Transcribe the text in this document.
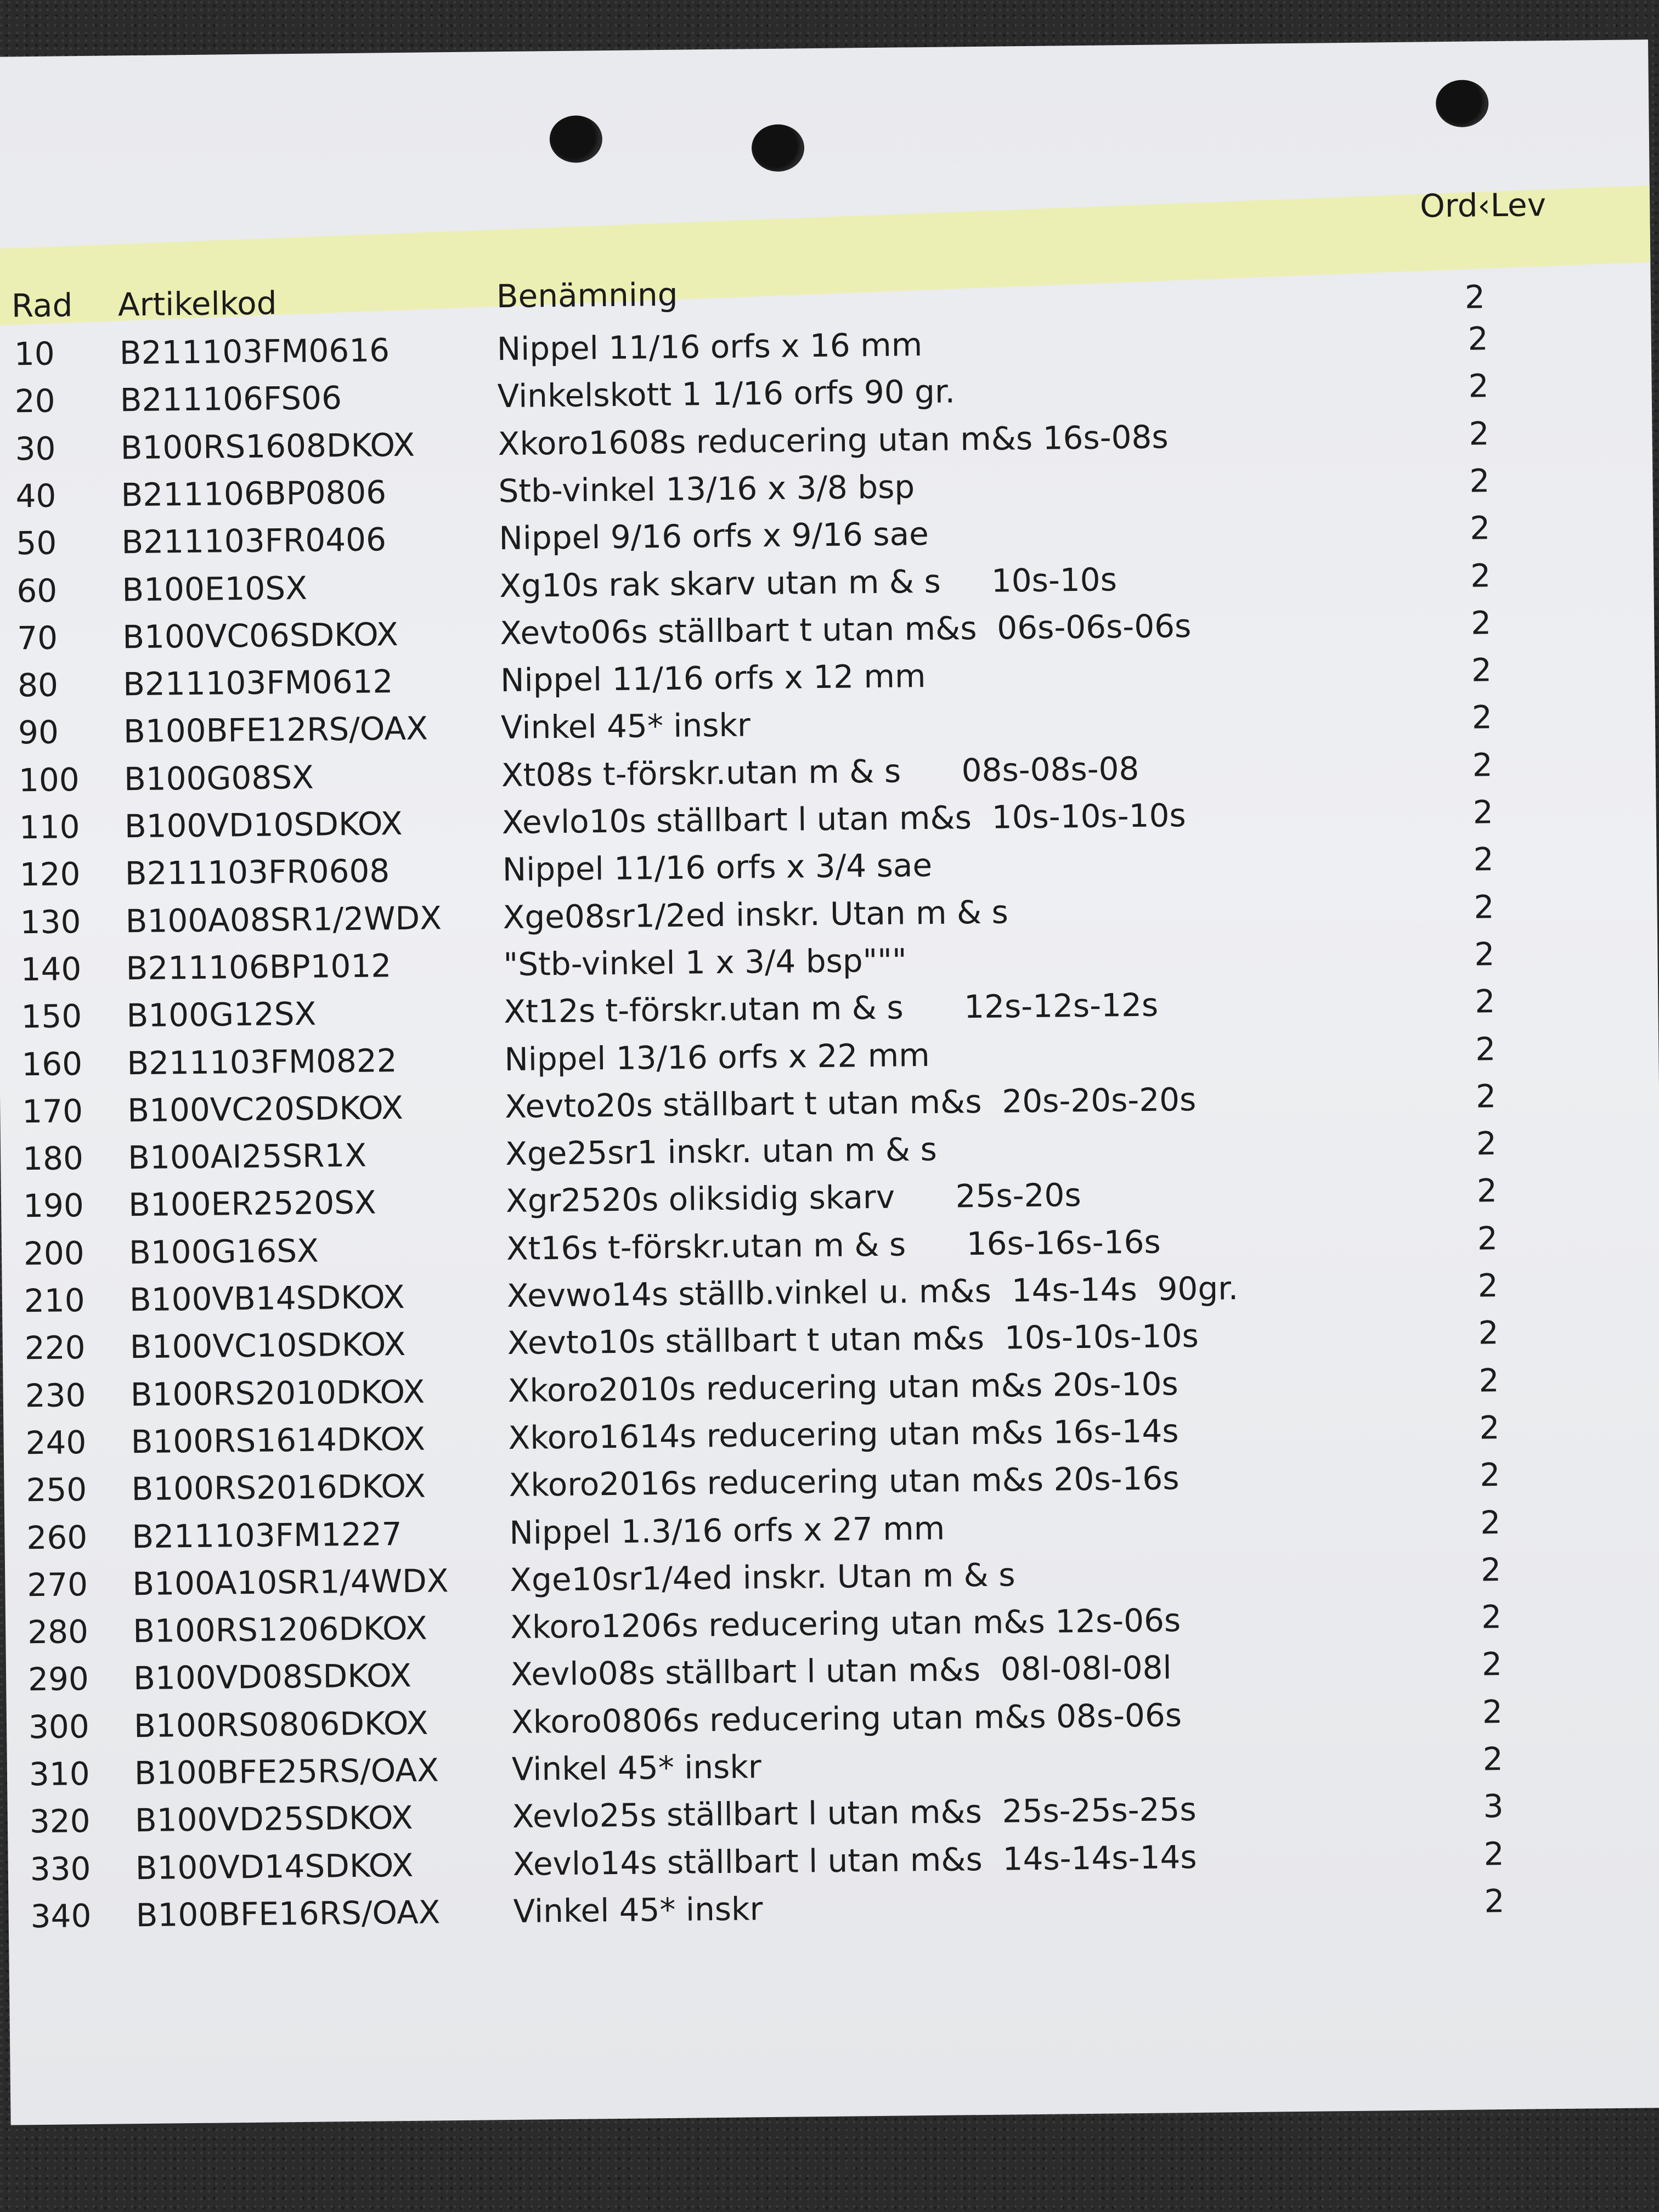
Ord‹Lev
Rad Artikelkod	Benämning	2
10 B211103FM0616	Nippel 11/16 orfs x 16 mm	2
20 B211106FS06	Vinkelskott 1 1/16 orfs 90 gr.	2
30 B100RS1608DKOX	Xkoro1608s reducering utan m&s 16s-08s	2
40 B211106BP0806	Stb-vinkel 13/16 x 3/8 bsp	2
50 B211103FR0406	Nippel 9/16 orfs x 9/16 sae	2
60 B100E10SX	Xg10s rak skarv utan m & s     10s-10s	2
70 B100VC06SDKOX	Xevto06s ställbart t utan m&s  06s-06s-06s	2
80 B211103FM0612	Nippel 11/16 orfs x 12 mm	2
90 B100BFE12RS/OAX Vinkel 45* inskr	2
100 B100G08SX	Xt08s t-förskr.utan m & s      08s-08s-08	2
110 B100VD10SDKOX	Xevlo10s ställbart l utan m&s  10s-10s-10s	2
120 B211103FR0608	Nippel 11/16 orfs x 3/4 sae	2
130 B100A08SR1/2WDX Xge08sr1/2ed inskr. Utan m & s	2
140 B211106BP1012	"Stb-vinkel 1 x 3/4 bsp"""	2
150 B100G12SX	Xt12s t-förskr.utan m & s      12s-12s-12s	2
160 B211103FM0822	Nippel 13/16 orfs x 22 mm	2
170 B100VC20SDKOX	Xevto20s ställbart t utan m&s  20s-20s-20s	2
180 B100AI25SR1X	Xge25sr1 inskr. utan m & s	2
190 B100ER2520SX	Xgr2520s oliksidig skarv      25s-20s	2
200 B100G16SX	Xt16s t-förskr.utan m & s      16s-16s-16s	2
210 B100VB14SDKOX	Xevwo14s ställb.vinkel u. m&s  14s-14s  90gr.	2
220 B100VC10SDKOX	Xevto10s ställbart t utan m&s  10s-10s-10s	2
230 B100RS2010DKOX	Xkoro2010s reducering utan m&s 20s-10s	2
240 B100RS1614DKOX	Xkoro1614s reducering utan m&s 16s-14s	2
250 B100RS2016DKOX	Xkoro2016s reducering utan m&s 20s-16s	2
260 B211103FM1227	Nippel 1.3/16 orfs x 27 mm	2
270 B100A10SR1/4WDX Xge10sr1/4ed inskr. Utan m & s	2
280 B100RS1206DKOX	Xkoro1206s reducering utan m&s 12s-06s	2
290 B100VD08SDKOX	Xevlo08s ställbart l utan m&s  08l-08l-08l	2
300 B100RS0806DKOX	Xkoro0806s reducering utan m&s 08s-06s	2
310 B100BFE25RS/OAX Vinkel 45* inskr	2
320 B100VD25SDKOX	Xevlo25s ställbart l utan m&s  25s-25s-25s	3
330 B100VD14SDKOX	Xevlo14s ställbart l utan m&s  14s-14s-14s	2
340 B100BFE16RS/OAX Vinkel 45* inskr	2
